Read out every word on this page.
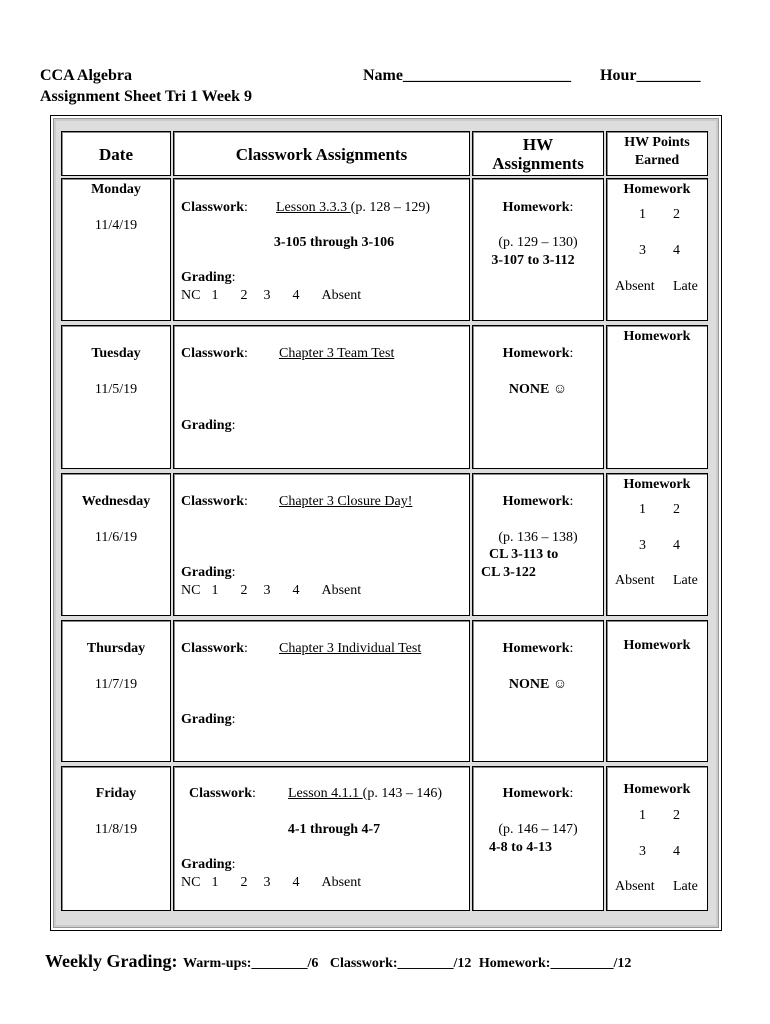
CCA Algebra
Assignment Sheet Tri 1 Week 9
Name_____________________ Hour________
Date	Classwork Assignments
HW
Assignments
HW Points
Earned
Monday
11/4/19
Classwork: Lesson 3.3.3 (p. 128 – 129)
3-105 through 3-106
Grading:
NC 1 2 3 4 Absent
Homework:
(p. 129 – 130)
3-107 to 3-112
Homework
1 2
3 4
Absent Late
Tuesday
11/5/19
Classwork: Chapter 3 Team Test
Grading:
Homework:
NONE ☺
Homework
Wednesday
11/6/19
Classwork: Chapter 3 Closure Day!
Grading:
NC 1 2 3 4 Absent
Homework:
(p. 136 – 138)
CL 3-113 to
CL 3-122
Homework
1 2
3 4
Absent Late
Thursday
11/7/19
Classwork: Chapter 3 Individual Test
Grading:
Homework:
NONE ☺
Homework
Friday
11/8/19
Classwork: Lesson 4.1.1 (p. 143 – 146)
4-1 through 4-7
Grading:
NC 1 2 3 4 Absent
Homework:
(p. 146 – 147)
4-8 to 4-13
Homework
1 2
3 4
Absent Late
Weekly Grading: Warm-ups:________/6 Classwork:________/12 Homework:_________/12
